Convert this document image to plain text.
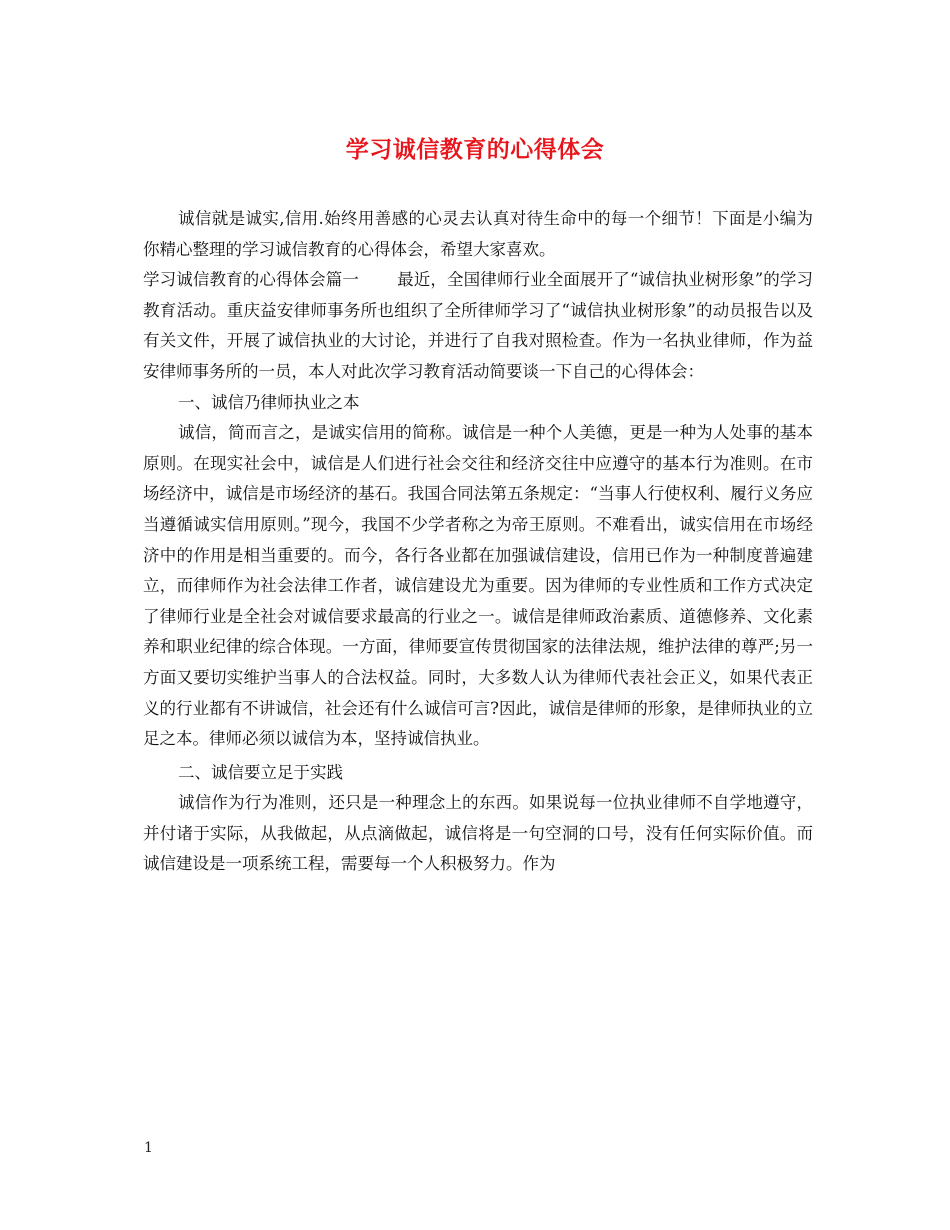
学习诚信教育的心得体会

诚信就是诚实,信用.始终用善感的心灵去认真对待生命中的每一个细节！下面是小编为你精心整理的学习诚信教育的心得体会，希望大家喜欢。

学习诚信教育的心得体会篇一 最近，全国律师行业全面展开了“诚信执业树形象”的学习教育活动。重庆益安律师事务所也组织了全所律师学习了“诚信执业树形象”的动员报告以及有关文件，开展了诚信执业的大讨论，并进行了自我对照检查。作为一名执业律师，作为益安律师事务所的一员，本人对此次学习教育活动简要谈一下自己的心得体会：

一、诚信乃律师执业之本

诚信，简而言之，是诚实信用的简称。诚信是一种个人美德，更是一种为人处事的基本原则。在现实社会中，诚信是人们进行社会交往和经济交往中应遵守的基本行为准则。在市场经济中，诚信是市场经济的基石。我国合同法第五条规定：“当事人行使权利、履行义务应当遵循诚实信用原则。”现今，我国不少学者称之为帝王原则。不难看出，诚实信用在市场经济中的作用是相当重要的。而今，各行各业都在加强诚信建设，信用已作为一种制度普遍建立，而律师作为社会法律工作者，诚信建设尤为重要。因为律师的专业性质和工作方式决定了律师行业是全社会对诚信要求最高的行业之一。诚信是律师政治素质、道德修养、文化素养和职业纪律的综合体现。一方面，律师要宣传贯彻国家的法律法规，维护法律的尊严;另一方面又要切实维护当事人的合法权益。同时，大多数人认为律师代表社会正义，如果代表正义的行业都有不讲诚信，社会还有什么诚信可言?因此，诚信是律师的形象，是律师执业的立足之本。律师必须以诚信为本，坚持诚信执业。

二、诚信要立足于实践

诚信作为行为准则，还只是一种理念上的东西。如果说每一位执业律师不自学地遵守，并付诸于实际，从我做起，从点滴做起，诚信将是一句空洞的口号，没有任何实际价值。而诚信建设是一项系统工程，需要每一个人积极努力。作为

1
